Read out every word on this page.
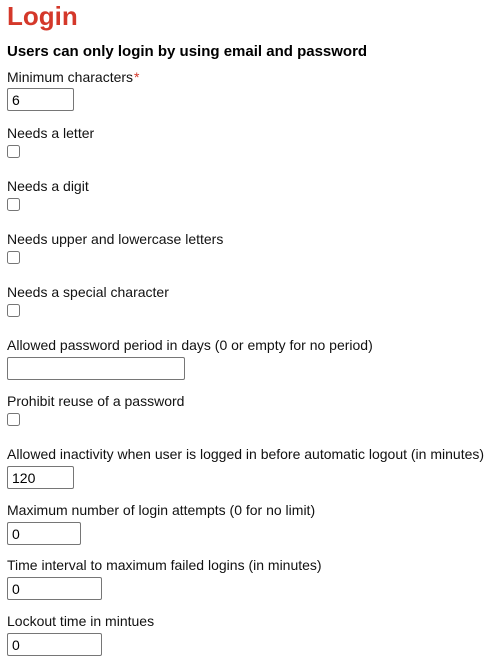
Login
Users can only login by using email and password
Minimum characters*
6
Needs a letter
Needs a digit
Needs upper and lowercase letters
Needs a special character
Allowed password period in days (0 or empty for no period)
Prohibit reuse of a password
Allowed inactivity when user is logged in before automatic logout (in minutes)
120
Maximum number of login attempts (0 for no limit)
0
Time interval to maximum failed logins (in minutes)
0
Lockout time in mintues
0
